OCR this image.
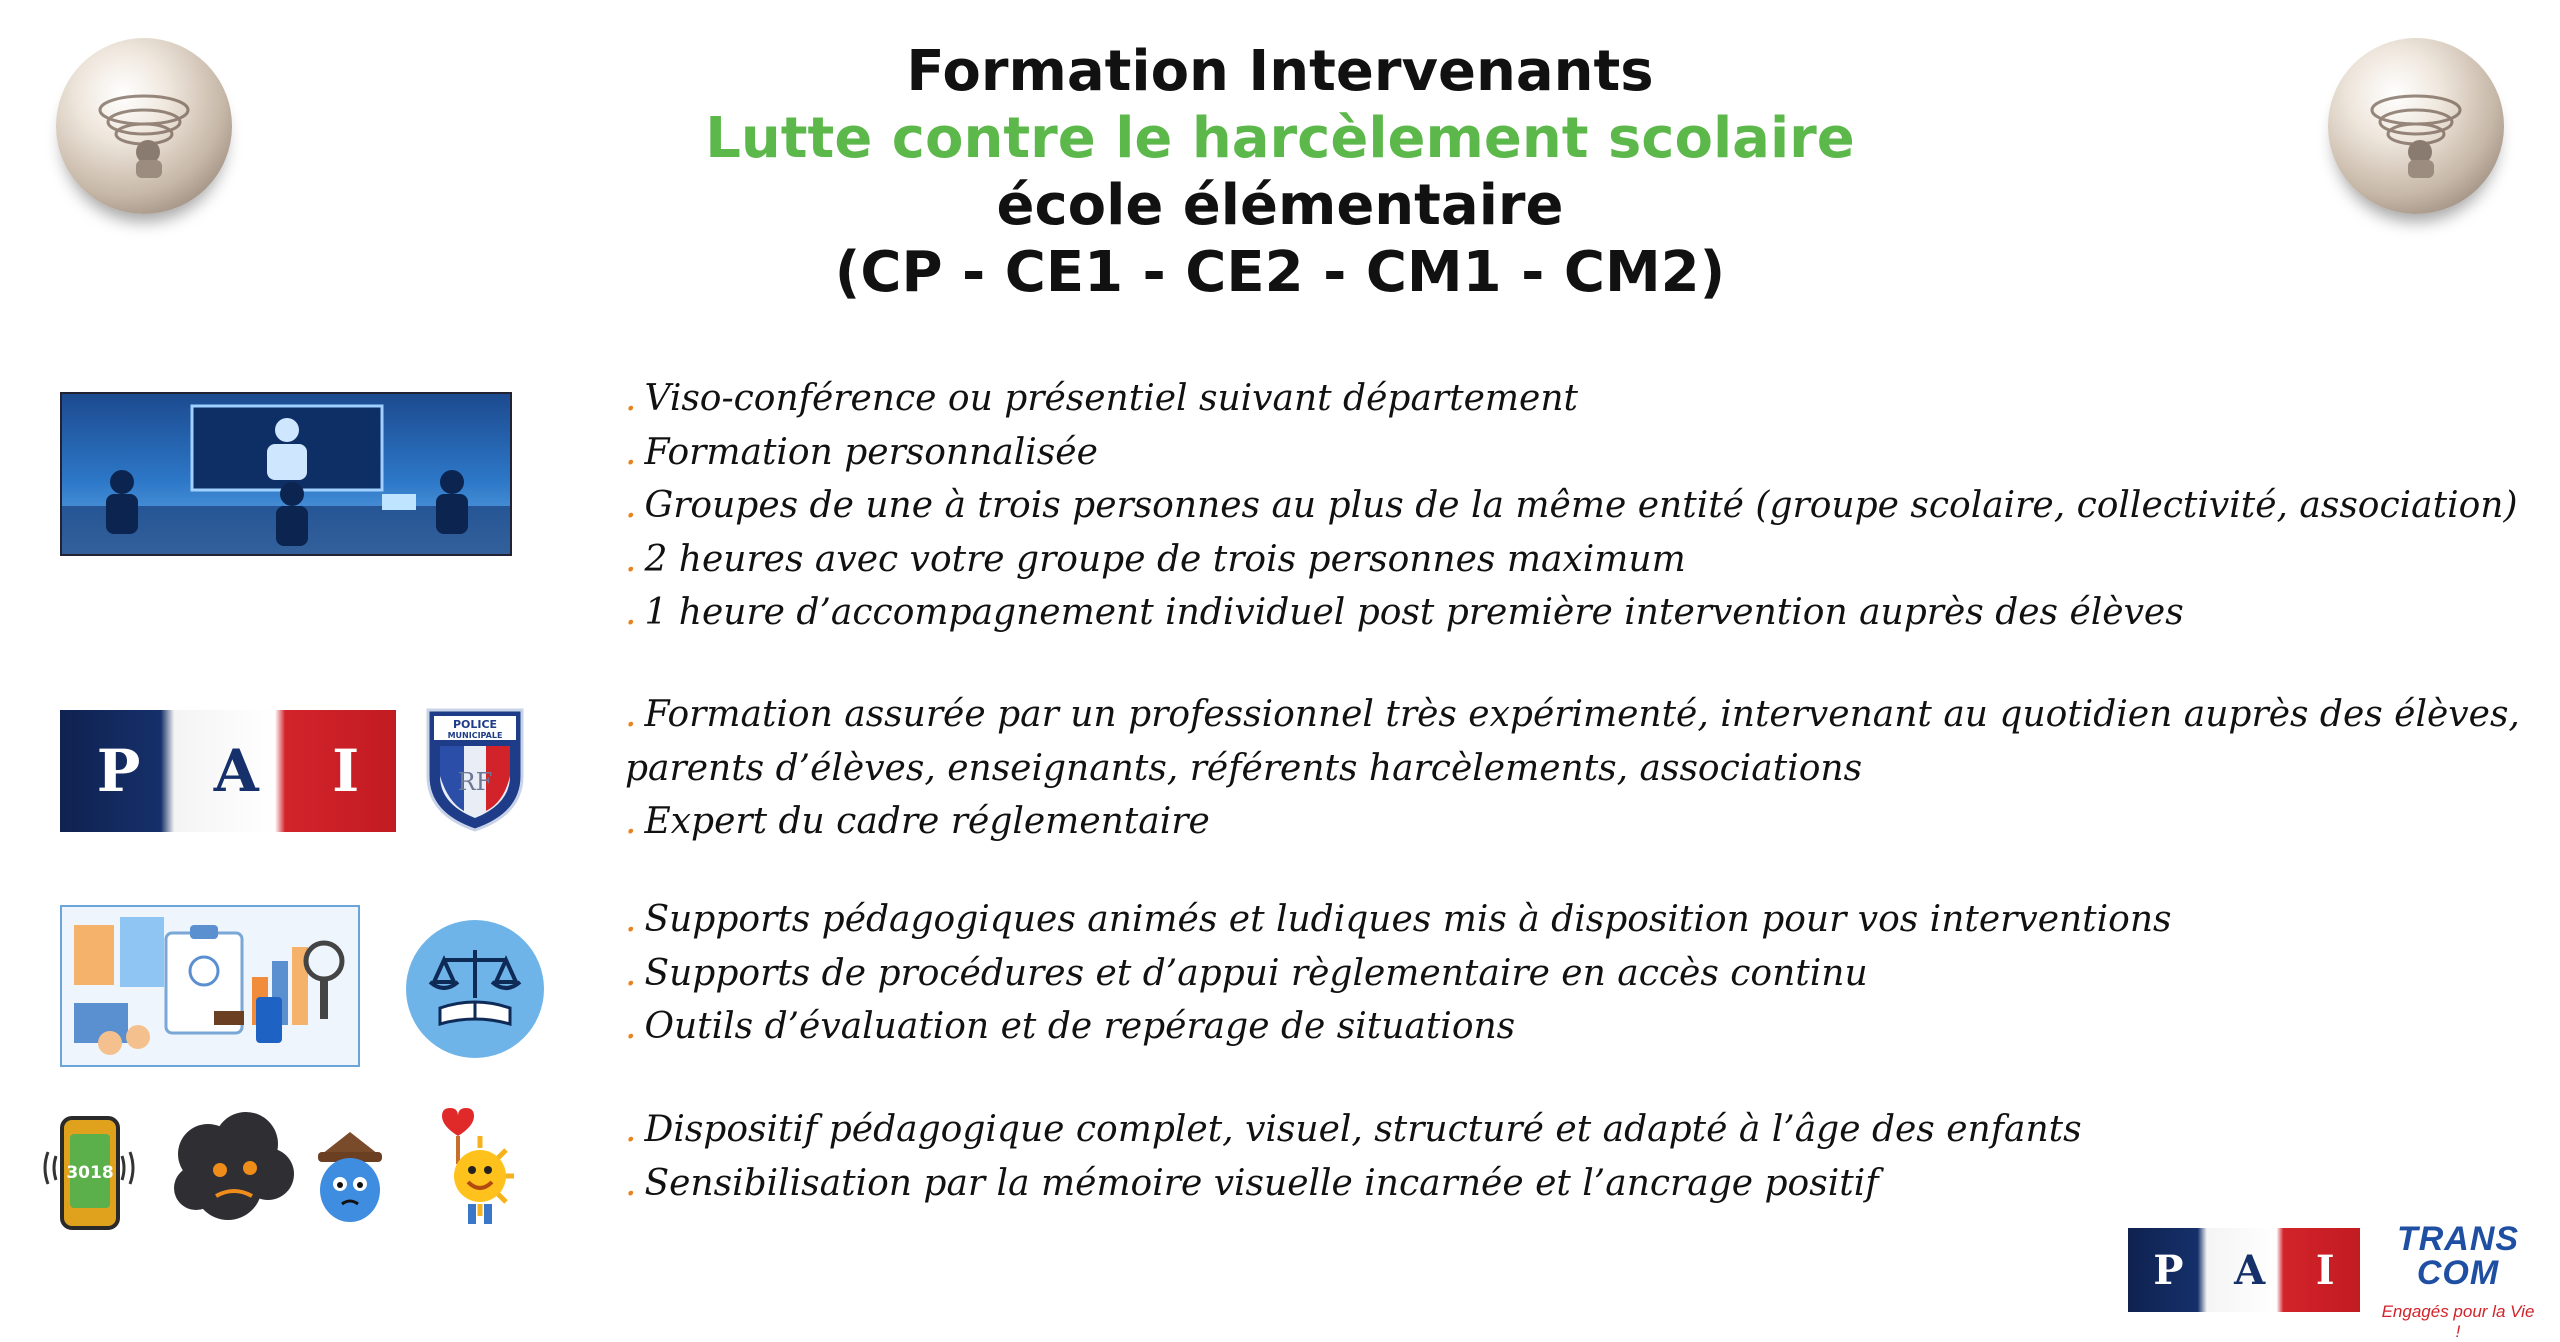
Formation Intervenants
Lutte contre le harcèlement scolaire
école élémentaire
(CP - CE1 - CE2 - CM1 - CM2)
P A I
POLICE
MUNICIPALE
RF
3018
. Viso-conférence ou présentiel suivant département
. Formation personnalisée
. Groupes de une à trois personnes au plus de la même entité (groupe scolaire, collectivité, association)
. 2 heures avec votre groupe de trois personnes maximum
. 1 heure d’accompagnement individuel post première intervention auprès des élèves
. Formation assurée par un professionnel très expérimenté, intervenant au quotidien auprès des élèves, parents d’élèves, enseignants, référents harcèlements, associations
. Expert du cadre réglementaire
. Supports pédagogiques animés et ludiques mis à disposition pour vos interventions
. Supports de procédures et d’appui règlementaire en accès continu
. Outils d’évaluation et de repérage de situations
. Dispositif pédagogique complet, visuel, structuré et adapté à l’âge des enfants
. Sensibilisation par la mémoire visuelle incarnée et l’ancrage positif
P A I
TRANS COM
Engagés pour la Vie !
